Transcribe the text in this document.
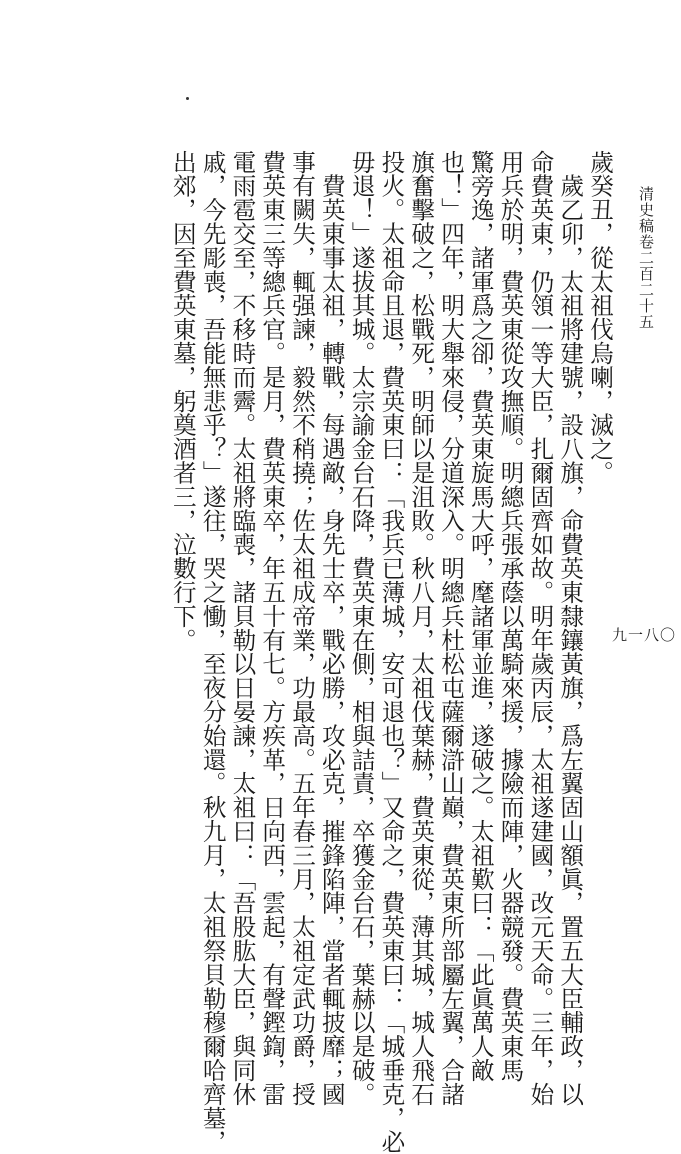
清史稿卷二百二十五
九一八〇
歲癸丑，從太祖伐烏喇，滅之。
　歲乙卯，太祖將建號，設八旗，命費英東隸鑲黃旗，爲左翼固山額眞，置五大臣輔政，以
命費英東，仍領一等大臣，扎爾固齊如故。明年歲丙辰，太祖遂建國，改元天命。三年，始
用兵於明，費英東從攻撫順。明總兵張承蔭以萬騎來援，據險而陣，火器競發。費英東馬
驚旁逸，諸軍爲之卻，費英東旋馬大呼，麾諸軍並進，遂破之。太祖歎曰：「此眞萬人敵
也！」四年，明大舉來侵，分道深入。明總兵杜松屯薩爾滸山巔，費英東所部屬左翼，合諸
旗奮擊破之，松戰死，明師以是沮敗。秋八月，太祖伐葉赫，費英東從，薄其城，城人飛石
投火。太祖命且退，費英東曰：「我兵已薄城，安可退也？」又命之，費英東曰：「城垂克，必
毋退！」遂拔其城。太宗諭金台石降，費英東在側，相與詰責，卒獲金台石，葉赫以是破。
　費英東事太祖，轉戰，每遇敵，身先士卒，戰必勝，攻必克，摧鋒陷陣，當者輒披靡；國
事有闕失，輒强諫，毅然不稍撓；佐太祖成帝業，功最高。五年春三月，太祖定武功爵，授
費英東三等總兵官。是月，費英東卒，年五十有七。方疾革，日向西，雲起，有聲鏗鍧，雷
電雨雹交至，不移時而霽。太祖將臨喪，諸貝勒以日晏諫，太祖曰：「吾股肱大臣，與同休
戚，今先彫喪，吾能無悲乎？」遂往，哭之慟，至夜分始還。秋九月，太祖祭貝勒穆爾哈齊墓，
出郊，因至費英東墓，躬奠酒者三，泣數行下。
